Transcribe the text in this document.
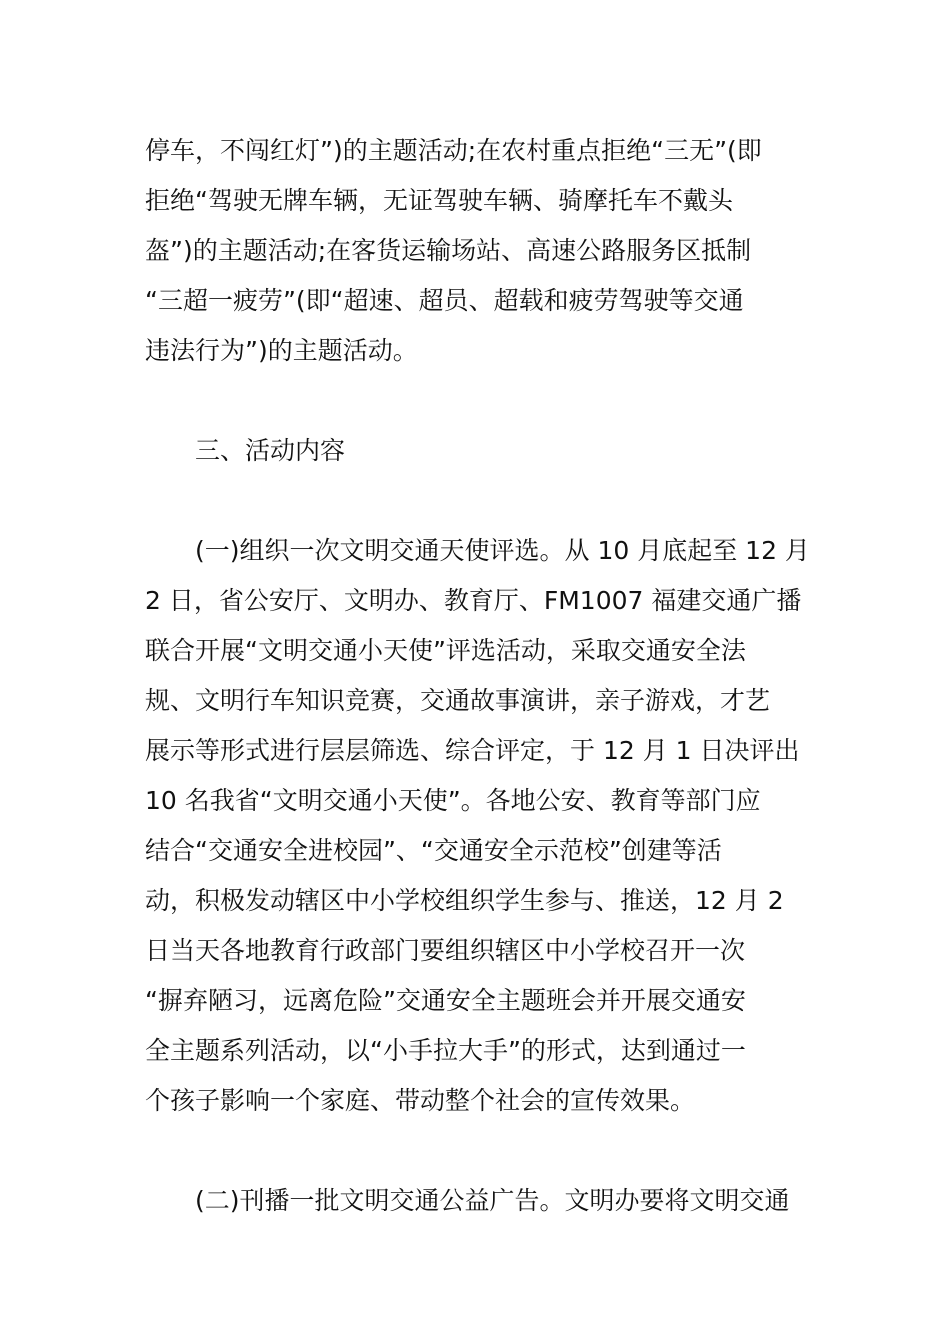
停车，不闯红灯”)的主题活动;在农村重点拒绝“三无”(即
拒绝“驾驶无牌车辆，无证驾驶车辆、骑摩托车不戴头
盔”)的主题活动;在客货运输场站、高速公路服务区抵制
“三超一疲劳”(即“超速、超员、超载和疲劳驾驶等交通
违法行为”)的主题活动。
三、活动内容
(一)组织一次文明交通天使评选。从 10 月底起至 12 月
2 日，省公安厅、文明办、教育厅、FM1007 福建交通广播
联合开展“文明交通小天使”评选活动，采取交通安全法
规、文明行车知识竞赛，交通故事演讲，亲子游戏，才艺
展示等形式进行层层筛选、综合评定，于 12 月 1 日决评出
10 名我省“文明交通小天使”。各地公安、教育等部门应
结合“交通安全进校园”、“交通安全示范校”创建等活
动，积极发动辖区中小学校组织学生参与、推送，12 月 2
日当天各地教育行政部门要组织辖区中小学校召开一次
“摒弃陋习，远离危险”交通安全主题班会并开展交通安
全主题系列活动，以“小手拉大手”的形式，达到通过一
个孩子影响一个家庭、带动整个社会的宣传效果。
(二)刊播一批文明交通公益广告。文明办要将文明交通
